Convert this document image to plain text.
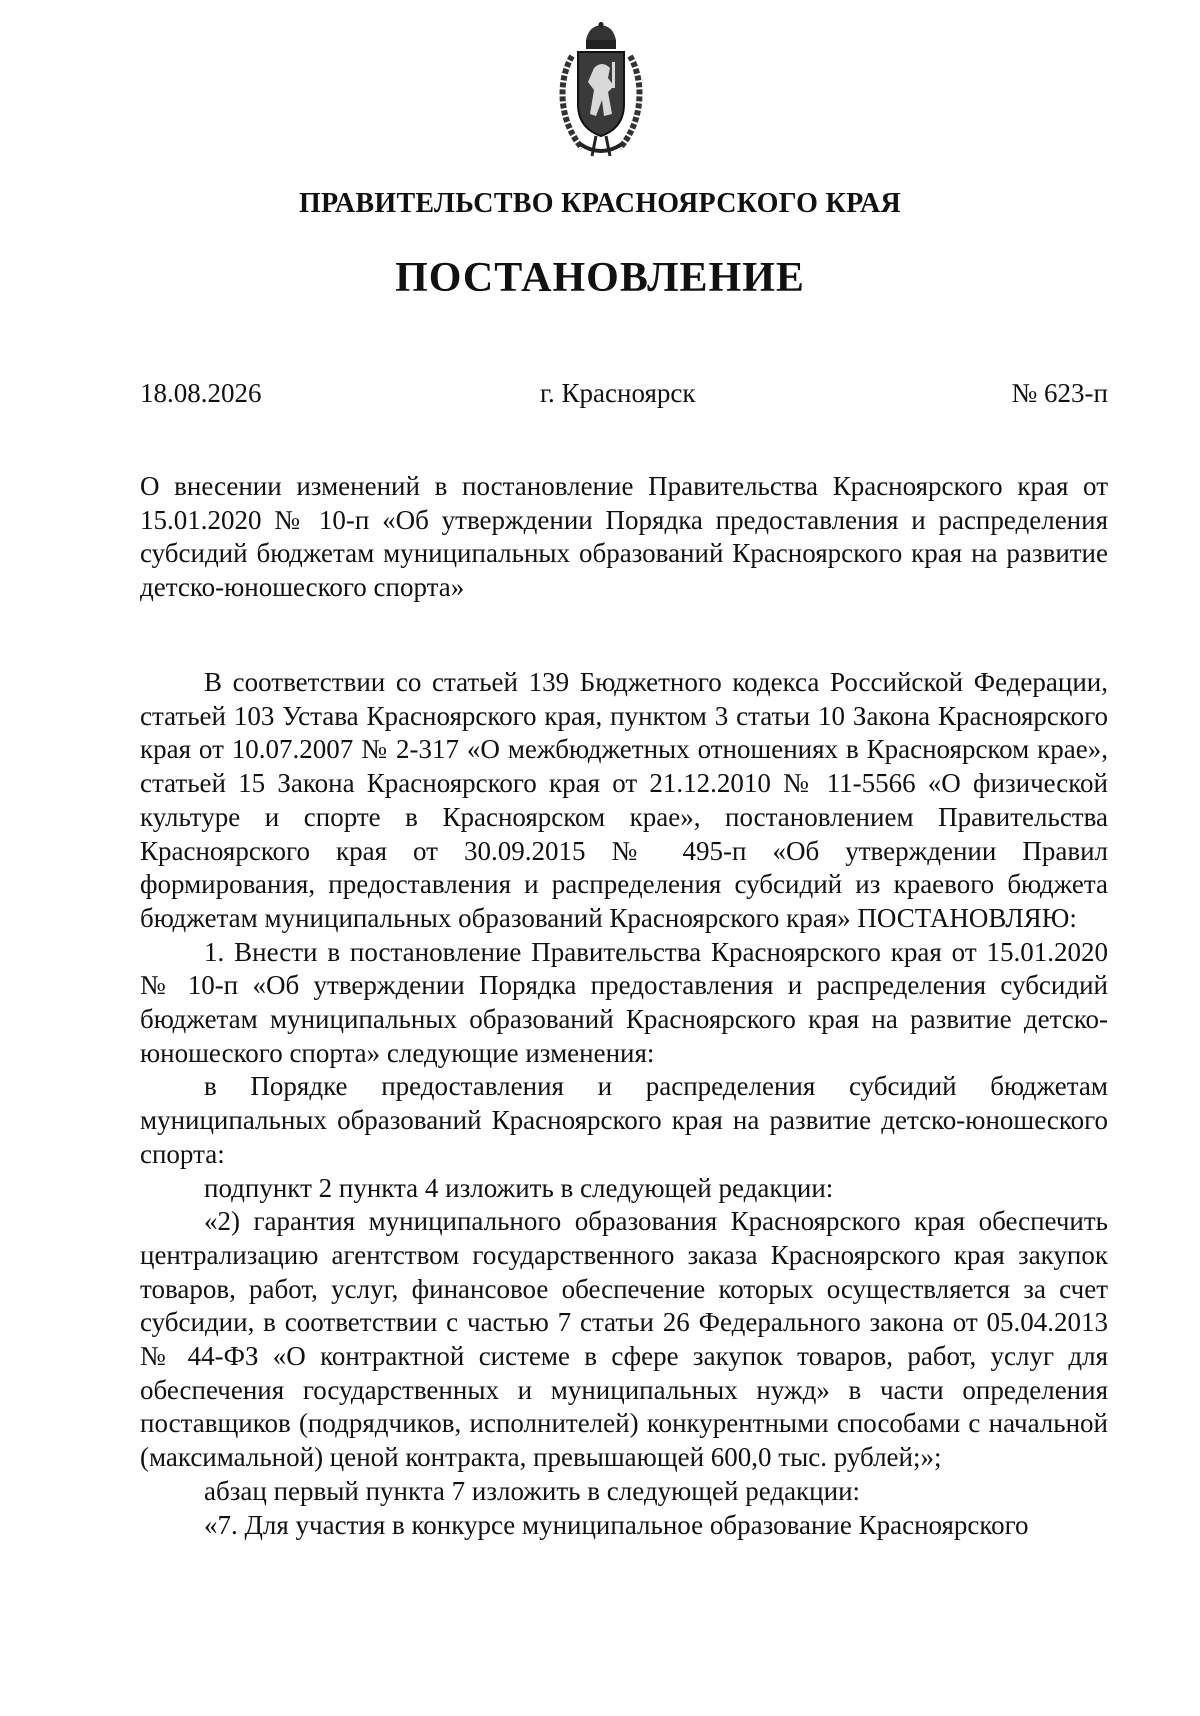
ПРАВИТЕЛЬСТВО КРАСНОЯРСКОГО КРАЯ
ПОСТАНОВЛЕНИЕ
18.08.2026	г. Красноярск	№ 623-п
О внесении изменений в постановление Правительства Красноярского края от 15.01.2020 № 10-п «Об утверждении Порядка предоставления и распределения субсидий бюджетам муниципальных образований Красноярского края на развитие детско-юношеского спорта»

В соответствии со статьей 139 Бюджетного кодекса Российской Федерации, статьей 103 Устава Красноярского края, пунктом 3 статьи 10 Закона Красноярского края от 10.07.2007 № 2-317 «О межбюджетных отношениях в Красноярском крае», статьей 15 Закона Красноярского края от 21.12.2010 № 11-5566 «О физической культуре и спорте в Красноярском крае», постановлением Правительства Красноярского края от 30.09.2015 № 495-п «Об утверждении Правил формирования, предоставления и распределения субсидий из краевого бюджета бюджетам муниципальных образований Красноярского края» ПОСТАНОВЛЯЮ:

1. Внести в постановление Правительства Красноярского края от 15.01.2020 № 10-п «Об утверждении Порядка предоставления и распределения субсидий бюджетам муниципальных образований Красноярского края на развитие детско-юношеского спорта» следующие изменения:

в Порядке предоставления и распределения субсидий бюджетам муниципальных образований Красноярского края на развитие детско-юношеского спорта:

подпункт 2 пункта 4 изложить в следующей редакции:

«2) гарантия муниципального образования Красноярского края обеспечить централизацию агентством государственного заказа Красноярского края закупок товаров, работ, услуг, финансовое обеспечение которых осуществляется за счет субсидии, в соответствии с частью 7 статьи 26 Федерального закона от 05.04.2013 № 44-ФЗ «О контрактной системе в сфере закупок товаров, работ, услуг для обеспечения государственных и муниципальных нужд» в части определения поставщиков (подрядчиков, исполнителей) конкурентными способами с начальной (максимальной) ценой контракта, превышающей 600,0 тыс. рублей;»;

абзац первый пункта 7 изложить в следующей редакции:

«7. Для участия в конкурсе муниципальное образование Красноярского
